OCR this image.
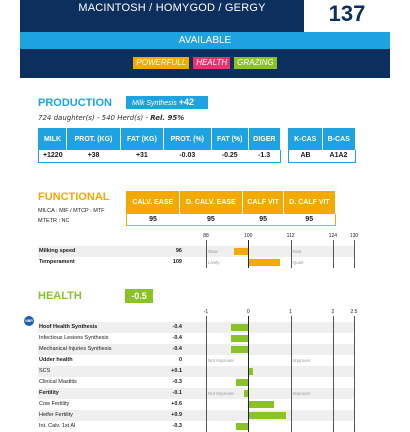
MACINTOSH / HOMYGOD / GERGY	137
AVAILABLE
POWERFULL HEALTH GRAZING
PRODUCTION	Milk Synthesis +42
724 daughter(s) - 540 Herd(s) - Rel. 95%
MILK	PROT. (KG)	FAT (KG)	PROT. (%)	FAT (%)	DIGER
+1220	+38	+31	-0.03	-0.25	-1.3
K-CAS	B-CAS
AB	A1A2
FUNCTIONAL
MILCA : MIF / MTCP : MTF
MTETR : NC
CALV. EASE	D. CALV. EASE	CALF VIT	D. CALF VIT
95	95	95	95
88	100	112	124	130
Milking speed	96	Slow	Fast
Temperament	109	Lively	Quiet
HEALTH	-0.5
NBR
-1	0	1	2	2.5
Hoof Health Synthesis	-0.4
Infectious Lesions Synthesis	-0.4
Mechanical Injuries Synthesis	-0.4
Udder health	0	Not Improver	Improver
SCS	+0.1
Clinical Mastitis	-0.3
Fertility	-0.1	Not Improver	Improver
Cow Fertility	+0.6
Heifer Fertility	+0.9
Int. Calv. 1st AI	-0.3
